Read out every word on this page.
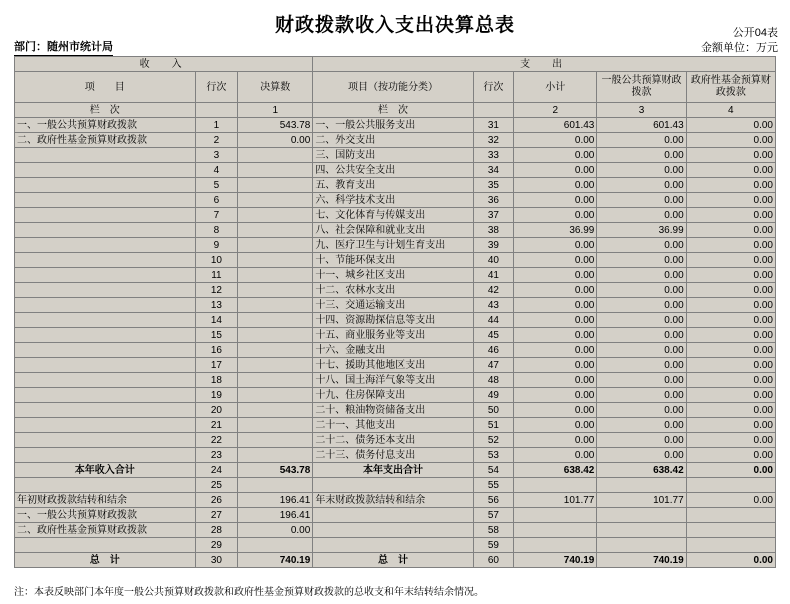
公开04表
金额单位：万元
财政拨款收入支出决算总表
部门：随州市统计局
收　入			支　出				
项　　目	行次	决算数	项目（按功能分类）	行次	小计	一般公共预算财政拨款	政府性基金预算财政拨款

栏　次		1	栏　次		2	3	4
一、一般公共预算财政拨款	1	543.78	一、一般公共服务支出	31	601.43	601.43	0.00
二、政府性基金预算财政拨款	2	0.00	二、外交支出	32	0.00	0.00	0.00
	3		三、国防支出	33	0.00	0.00	0.00
	4		四、公共安全支出	34	0.00	0.00	0.00
	5		五、教育支出	35	0.00	0.00	0.00
	6		六、科学技术支出	36	0.00	0.00	0.00
	7		七、文化体育与传媒支出	37	0.00	0.00	0.00
	8		八、社会保障和就业支出	38	36.99	36.99	0.00
	9		九、医疗卫生与计划生育支出	39	0.00	0.00	0.00
	10		十、节能环保支出	40	0.00	0.00	0.00
	11		十一、城乡社区支出	41	0.00	0.00	0.00
	12		十二、农林水支出	42	0.00	0.00	0.00
	13		十三、交通运输支出	43	0.00	0.00	0.00
	14		十四、资源勘探信息等支出	44	0.00	0.00	0.00
	15		十五、商业服务业等支出	45	0.00	0.00	0.00
	16		十六、金融支出	46	0.00	0.00	0.00
	17		十七、援助其他地区支出	47	0.00	0.00	0.00
	18		十八、国土海洋气象等支出	48	0.00	0.00	0.00
	19		十九、住房保障支出	49	0.00	0.00	0.00
	20		二十、粮油物资储备支出	50	0.00	0.00	0.00
	21		二十一、其他支出	51	0.00	0.00	0.00
	22		二十二、债务还本支出	52	0.00	0.00	0.00
	23		二十三、债务付息支出	53	0.00	0.00	0.00
本年收入合计	24	543.78	本年支出合计	54	638.42	638.42	0.00
	25			55			
年初财政拨款结转和结余	26	196.41	年末财政拨款结转和结余	56	101.77	101.77	0.00
一、一般公共预算财政拨款	27	196.41		57			
二、政府性基金预算财政拨款	28	0.00		58			
	29			59			
总　计	30	740.19	总　计	60	740.19	740.19	0.00
注：本表反映部门本年度一般公共预算财政拨款和政府性基金预算财政拨款的总收支和年末结转结余情况。
